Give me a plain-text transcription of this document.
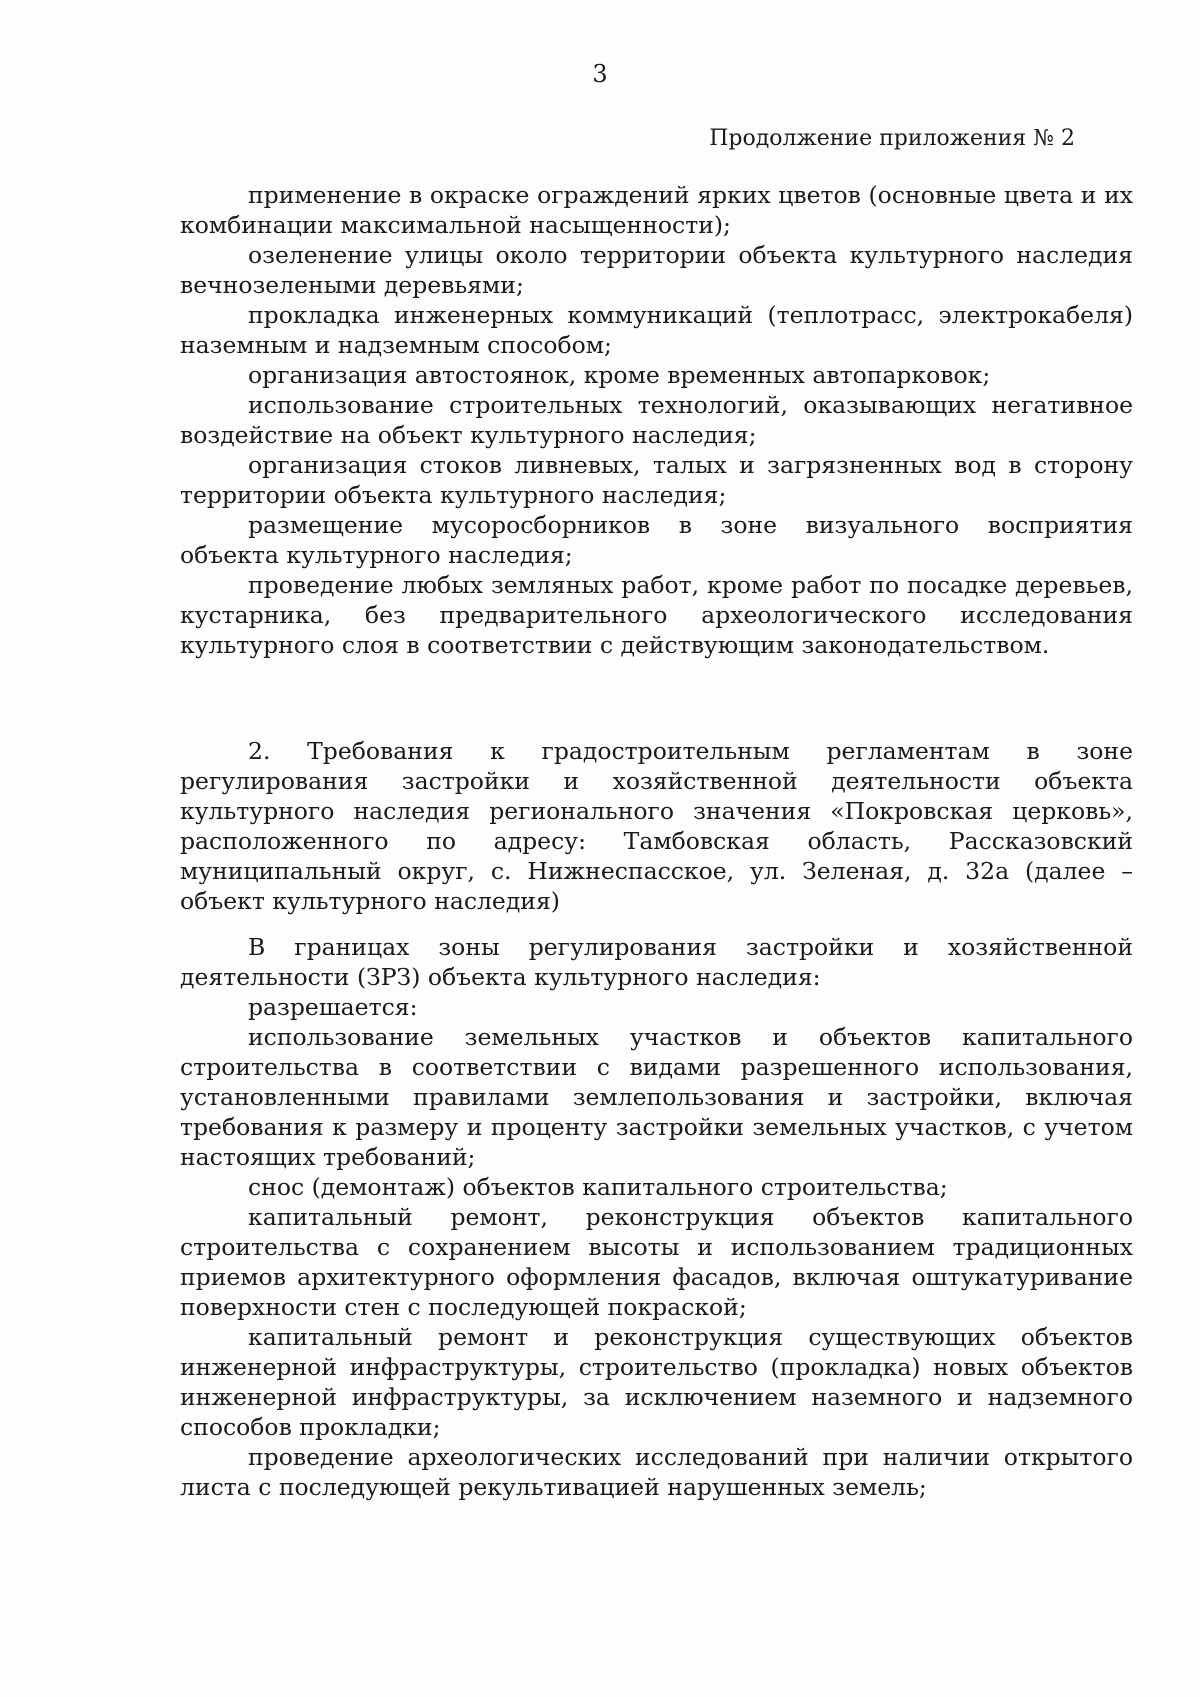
3
Продолжение приложения № 2

применение в окраске ограждений ярких цветов (основные цвета и их комбинации максимальной насыщенности);

озеленение улицы около территории объекта культурного наследия вечнозелеными деревьями;

прокладка инженерных коммуникаций (теплотрасс, электрокабеля) наземным и надземным способом;

организация автостоянок, кроме временных автопарковок;

использование строительных технологий, оказывающих негативное воздействие на объект культурного наследия;

организация стоков ливневых, талых и загрязненных вод в сторону территории объекта культурного наследия;

размещение мусоросборников в зоне визуального восприятия объекта культурного наследия;

проведение любых земляных работ, кроме работ по посадке деревьев, кустарника, без предварительного археологического исследования культурного слоя в соответствии с действующим законодательством.

2. Требования к градостроительным регламентам в зоне регулирования застройки и хозяйственной деятельности объекта культурного наследия регионального значения «Покровская церковь», расположенного по адресу: Тамбовская область, Рассказовский муниципальный округ, с. Нижнеспасское, ул. Зеленая, д. 32а (далее – объект культурного наследия)

В границах зоны регулирования застройки и хозяйственной деятельности (ЗРЗ) объекта культурного наследия:

разрешается:

использование земельных участков и объектов капитального строительства в соответствии с видами разрешенного использования, установленными правилами землепользования и застройки, включая требования к размеру и проценту застройки земельных участков, с учетом настоящих требований;

снос (демонтаж) объектов капитального строительства;

капитальный ремонт, реконструкция объектов капитального строительства с сохранением высоты и использованием традиционных приемов архитектурного оформления фасадов, включая оштукатуривание поверхности стен с последующей покраской;

капитальный ремонт и реконструкция существующих объектов инженерной инфраструктуры, строительство (прокладка) новых объектов инженерной инфраструктуры, за исключением наземного и надземного способов прокладки;

проведение археологических исследований при наличии открытого листа с последующей рекультивацией нарушенных земель;
